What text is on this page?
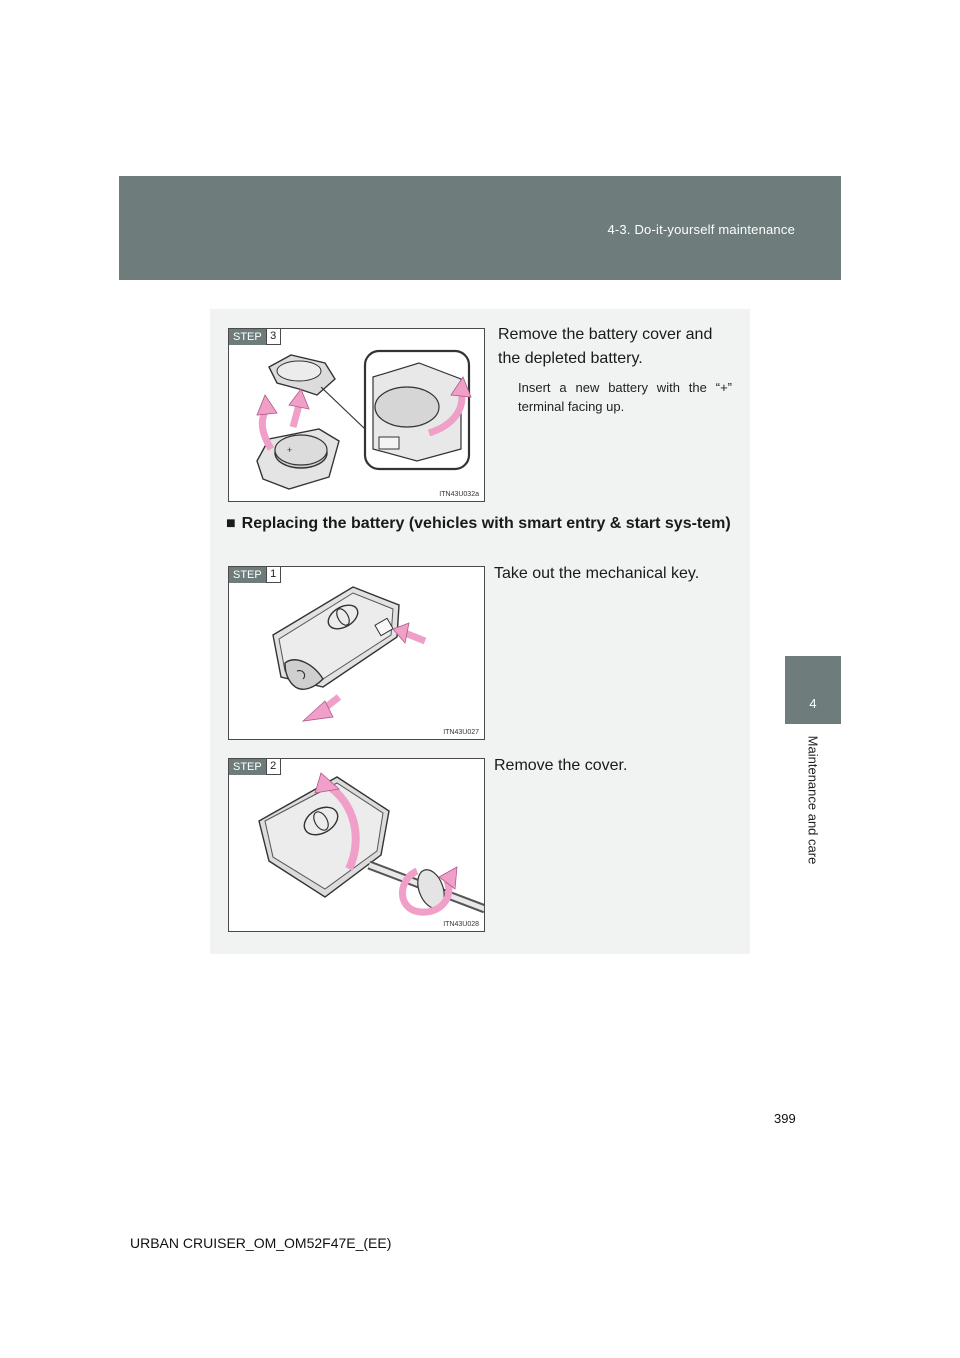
4-3. Do-it-yourself maintenance
4
Maintenance and care
STEP 3
+
ITN43U032a
Remove the battery cover and the depleted battery.
Insert a new battery with the “+” terminal facing up.
■ Replacing the battery (vehicles with smart entry & start sys-tem)
STEP 1
ITN43U027
Take out the mechanical key.
STEP 2
ITN43U028
Remove the cover.
399
URBAN CRUISER_OM_OM52F47E_(EE)
